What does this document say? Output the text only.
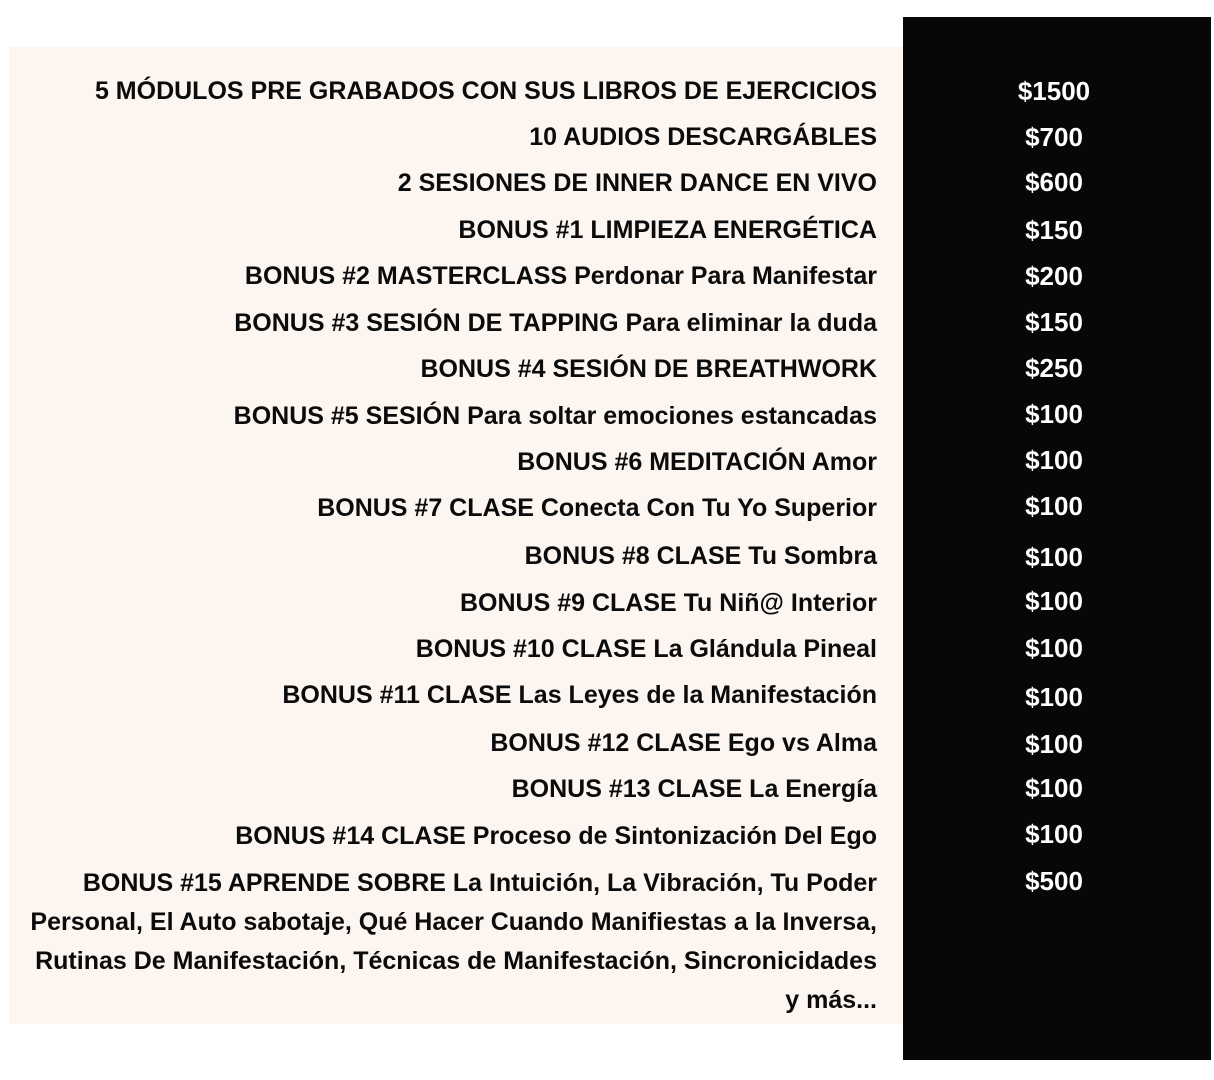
5 MÓDULOS PRE GRABADOS CON SUS LIBROS DE EJERCICIOS
10 AUDIOS DESCARGÁBLES
2 SESIONES DE INNER DANCE EN VIVO
BONUS #1 LIMPIEZA ENERGÉTICA
BONUS #2 MASTERCLASS Perdonar Para Manifestar
BONUS #3 SESIÓN DE TAPPING Para eliminar la duda
BONUS #4 SESIÓN DE BREATHWORK
BONUS #5 SESIÓN Para soltar emociones estancadas
BONUS #6 MEDITACIÓN Amor
BONUS #7 CLASE Conecta Con Tu Yo Superior
BONUS #8 CLASE Tu Sombra
BONUS #9 CLASE Tu Niñ@ Interior
BONUS #10 CLASE La Glándula Pineal
BONUS #11 CLASE Las Leyes de la Manifestación
BONUS #12 CLASE Ego vs Alma
BONUS #13 CLASE La Energía
BONUS #14 CLASE Proceso de Sintonización Del Ego
BONUS #15 APRENDE SOBRE La Intuición, La Vibración, Tu Poder Personal, El Auto sabotaje, Qué Hacer Cuando Manifiestas a la Inversa, Rutinas De Manifestación, Técnicas de Manifestación, Sincronicidades y más...
$1500
$700
$600
$150
$200
$150
$250
$100
$100
$100
$100
$100
$100
$100
$100
$100
$100
$500
